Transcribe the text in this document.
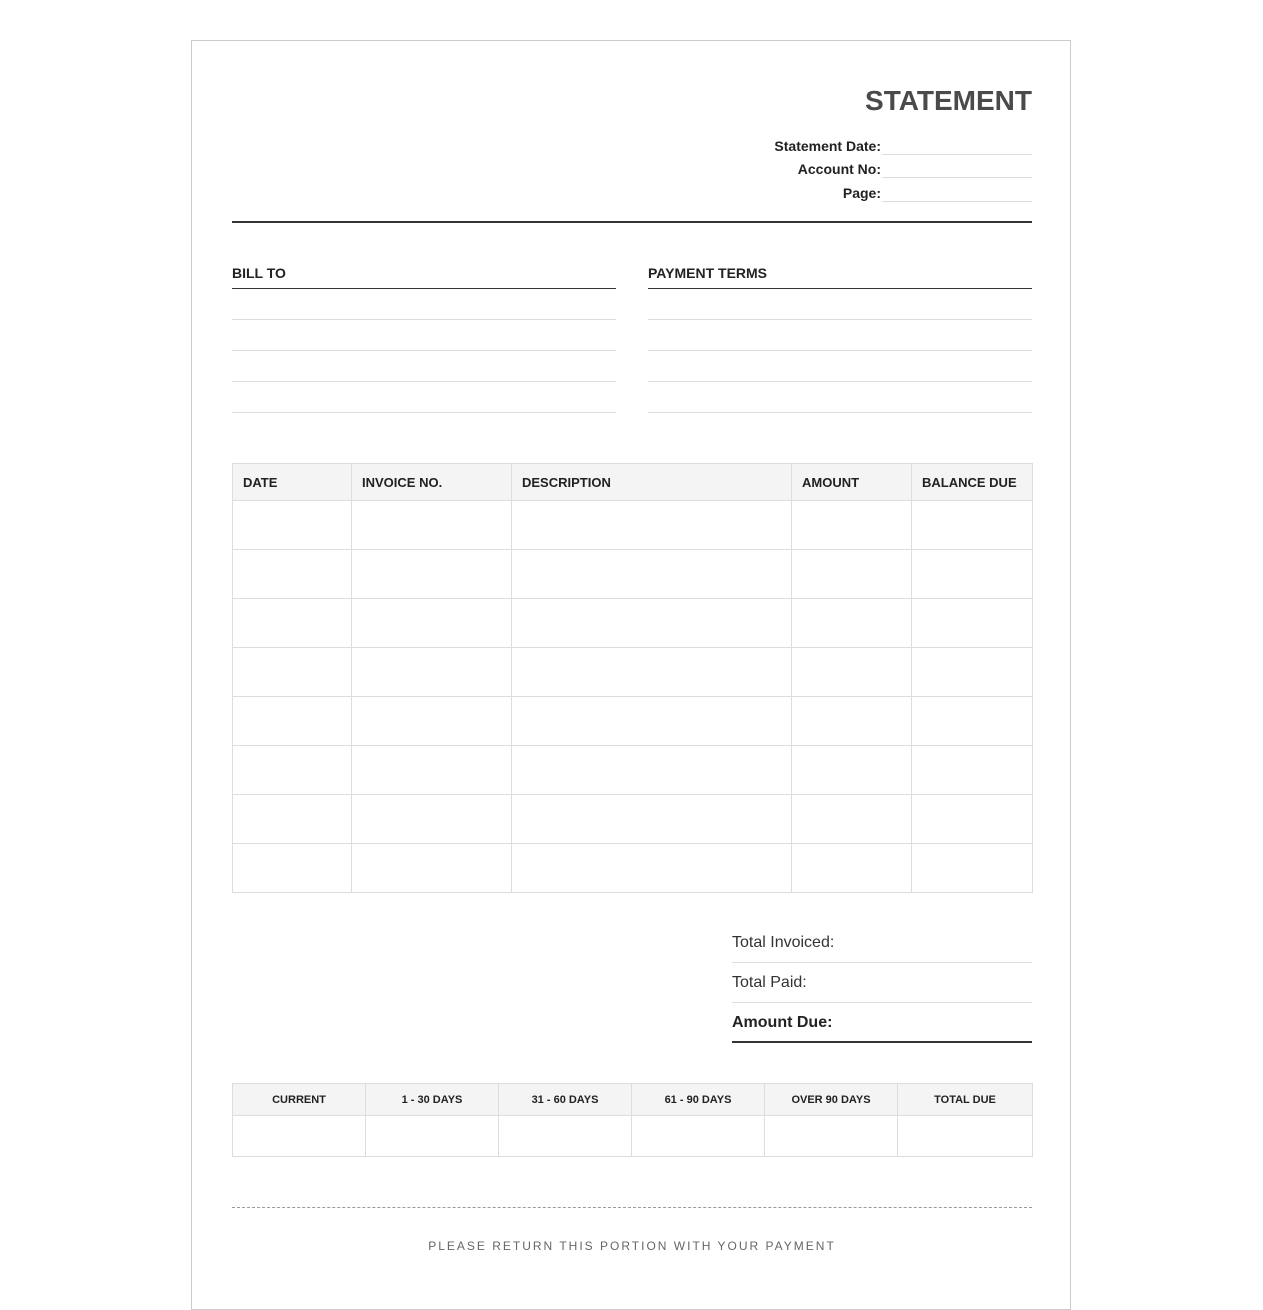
STATEMENT
Statement Date:
Account No:
Page:
BILL TO	PAYMENT TERMS
DATE	INVOICE NO.	DESCRIPTION	AMOUNT	BALANCE DUE

Total Invoiced:
Total Paid:
Amount Due:
CURRENT	1 - 30 DAYS	31 - 60 DAYS	61 - 90 DAYS	OVER 90 DAYS	TOTAL DUE

PLEASE RETURN THIS PORTION WITH YOUR PAYMENT
